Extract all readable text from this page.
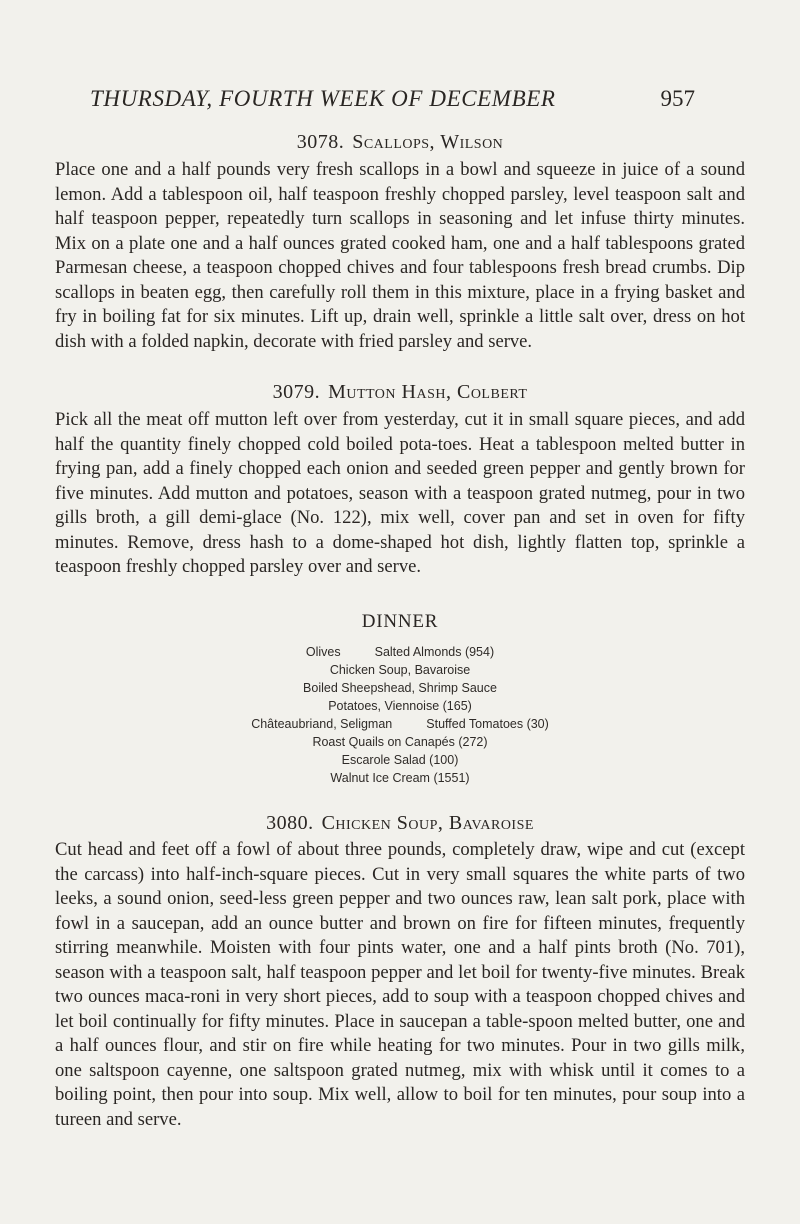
THURSDAY, FOURTH WEEK OF DECEMBER	957
3078. Scallops, Wilson

Place one and a half pounds very fresh scallops in a bowl and squeeze in juice of a sound lemon. Add a tablespoon oil, half teaspoon freshly chopped parsley, level teaspoon salt and half teaspoon pepper, repeatedly turn scallops in seasoning and let infuse thirty minutes. Mix on a plate one and a half ounces grated cooked ham, one and a half tablespoons grated Parmesan cheese, a teaspoon chopped chives and four tablespoons fresh bread crumbs. Dip scallops in beaten egg, then carefully roll them in this mixture, place in a frying basket and fry in boiling fat for six minutes. Lift up, drain well, sprinkle a little salt over, dress on hot dish with a folded napkin, decorate with fried parsley and serve.

3079. Mutton Hash, Colbert

Pick all the meat off mutton left over from yesterday, cut it in small square pieces, and add half the quantity finely chopped cold boiled pota-toes. Heat a tablespoon melted butter in frying pan, add a finely chopped each onion and seeded green pepper and gently brown for five minutes. Add mutton and potatoes, season with a teaspoon grated nutmeg, pour in two gills broth, a gill demi-glace (No. 122), mix well, cover pan and set in oven for fifty minutes. Remove, dress hash to a dome-shaped hot dish, lightly flatten top, sprinkle a teaspoon freshly chopped parsley over and serve.

DINNER
Olives	Salted Almonds (954)
Chicken Soup, Bavaroise
Boiled Sheepshead, Shrimp Sauce
Potatoes, Viennoise (165)
Châteaubriand, Seligman	Stuffed Tomatoes (30)
Roast Quails on Canapés (272)
Escarole Salad (100)
Walnut Ice Cream (1551)
3080. Chicken Soup, Bavaroise

Cut head and feet off a fowl of about three pounds, completely draw, wipe and cut (except the carcass) into half-inch-square pieces. Cut in very small squares the white parts of two leeks, a sound onion, seed-less green pepper and two ounces raw, lean salt pork, place with fowl in a saucepan, add an ounce butter and brown on fire for fifteen minutes, frequently stirring meanwhile. Moisten with four pints water, one and a half pints broth (No. 701), season with a teaspoon salt, half teaspoon pepper and let boil for twenty-five minutes. Break two ounces maca-roni in very short pieces, add to soup with a teaspoon chopped chives and let boil continually for fifty minutes. Place in saucepan a table-spoon melted butter, one and a half ounces flour, and stir on fire while heating for two minutes. Pour in two gills milk, one saltspoon cayenne, one saltspoon grated nutmeg, mix with whisk until it comes to a boiling point, then pour into soup. Mix well, allow to boil for ten minutes, pour soup into a tureen and serve.
